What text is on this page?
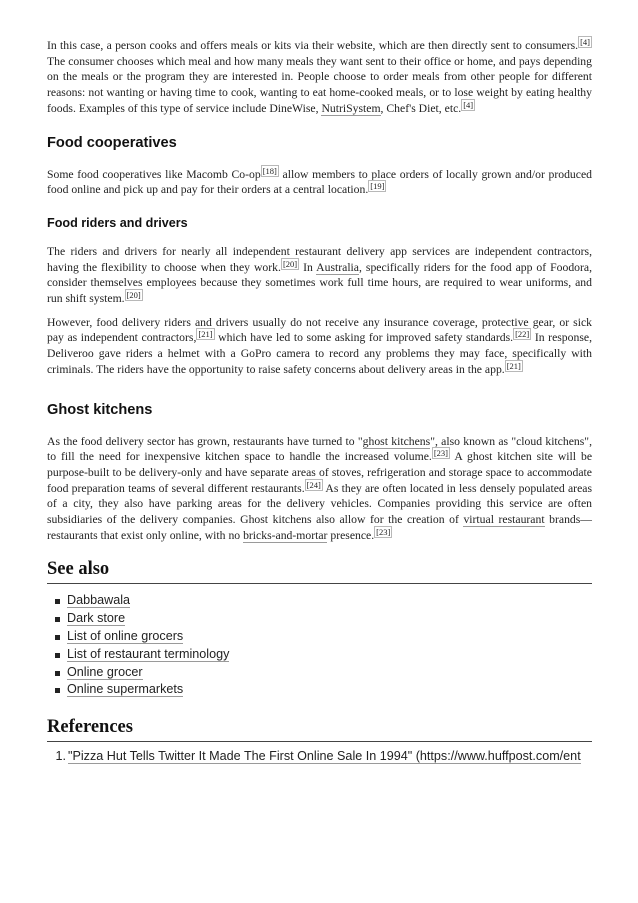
In this case, a person cooks and offers meals or kits via their website, which are then directly sent to consumers. [4] The consumer chooses which meal and how many meals they want sent to their office or home, and pays depending on the meals or the program they are interested in. People choose to order meals from other people for different reasons: not wanting or having time to cook, wanting to eat home-cooked meals, or to lose weight by eating healthy foods. Examples of this type of service include DineWise, NutriSystem, Chef's Diet, etc. [4]

Food cooperatives

Some food cooperatives like Macomb Co-op [18] allow members to place orders of locally grown and/or produced food online and pick up and pay for their orders at a central location. [19]

Food riders and drivers

The riders and drivers for nearly all independent restaurant delivery app services are independent contractors, having the flexibility to choose when they work. [20] In Australia, specifically riders for the food app of Foodora, consider themselves employees because they sometimes work full time hours, are required to wear uniforms, and run shift system. [20]

However, food delivery riders and drivers usually do not receive any insurance coverage, protective gear, or sick pay as independent contractors, [21] which have led to some asking for improved safety standards. [22] In response, Deliveroo gave riders a helmet with a GoPro camera to record any problems they may face, specifically with criminals. The riders have the opportunity to raise safety concerns about delivery areas in the app. [21]

Ghost kitchens

As the food delivery sector has grown, restaurants have turned to "ghost kitchens", also known as "cloud kitchens", to fill the need for inexpensive kitchen space to handle the increased volume. [23] A ghost kitchen site will be purpose-built to be delivery-only and have separate areas of stoves, refrigeration and storage space to accommodate food preparation teams of several different restaurants. [24] As they are often located in less densely populated areas of a city, they also have parking areas for the delivery vehicles. Companies providing this service are often subsidiaries of the delivery companies. Ghost kitchens also allow for the creation of virtual restaurant brands—restaurants that exist only online, with no bricks-and-mortar presence. [23]

See also
Dabbawala
Dark store
List of online grocers
List of restaurant terminology
Online grocer
Online supermarkets
References
1. "Pizza Hut Tells Twitter It Made The First Online Sale In 1994" (https://www.huffpost.com/ent
